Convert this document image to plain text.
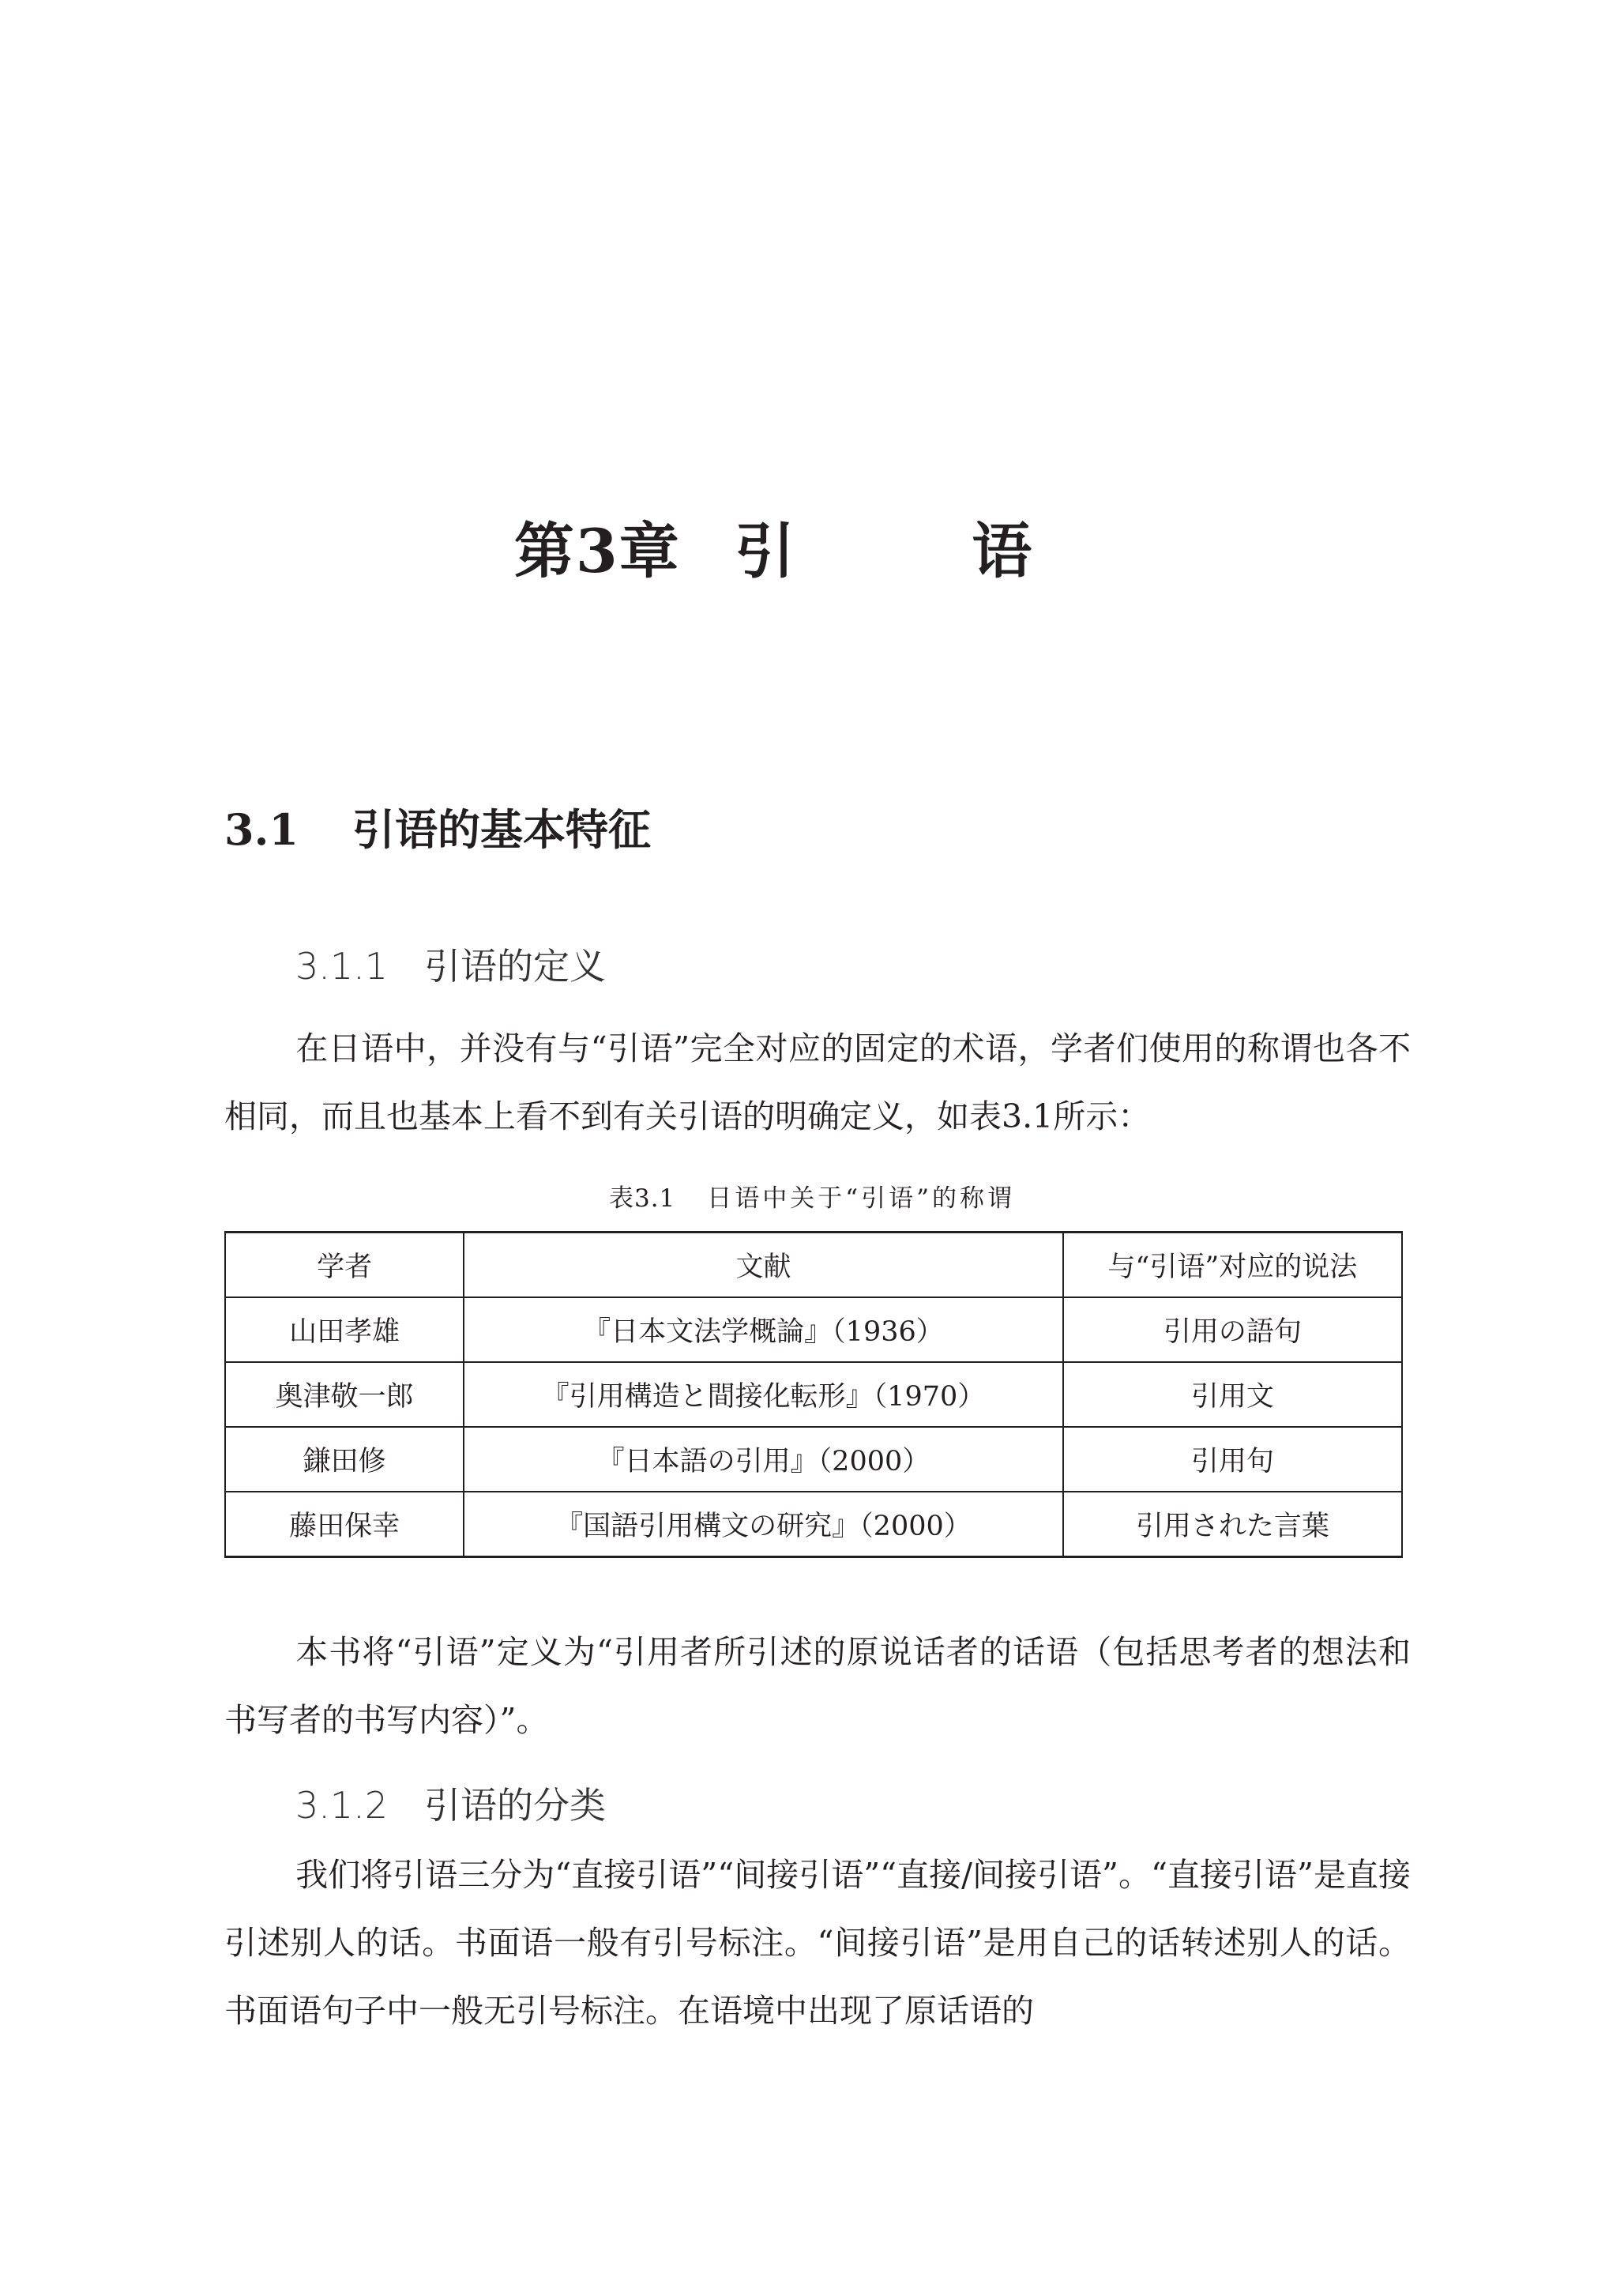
第3章 引 语
3.1 引语的基本特征
3.1.1 引语的定义

在日语中，并没有与“引语”完全对应的固定的术语，学者们使用的称谓也各不相同，而且也基本上看不到有关引语的明确定义，如表3.1所示：

表3.1 日语中关于“引语”的称谓

学者	文献	与“引语”对应的说法
山田孝雄	『日本文法学概論』（1936）	引用の語句
奥津敬一郎	『引用構造と間接化転形』（1970）	引用文
鎌田修	『日本語の引用』（2000）	引用句
藤田保幸	『国語引用構文の研究』（2000）	引用された言葉

本书将“引语”定义为“引用者所引述的原说话者的话语（包括思考者的想法和书写者的书写内容）”。

3.1.2 引语的分类

我们将引语三分为“直接引语”“间接引语”“直接/间接引语”。“直接引语”是直接引述别人的话。书面语一般有引号标注。“间接引语”是用自己的话转述别人的话。书面语句子中一般无引号标注。在语境中出现了原话语的
